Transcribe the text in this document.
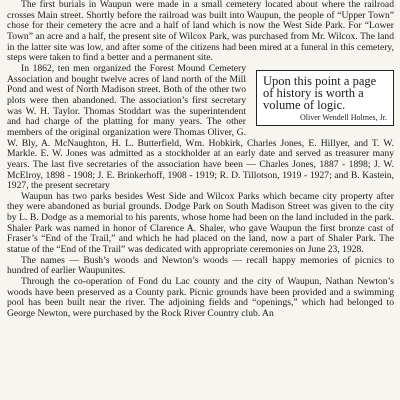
The first burials in Waupun were made in a small cemetery located about where the railroad crosses Main street. Shortly before the railroad was built into Waupun, the people of “Upper Town” chose for their cemetery the acre and a half of land which is now the West Side Park. For “Lower Town” an acre and a half, the present site of Wilcox Park, was purchased from Mr. Wilcox. The land in the latter site was low, and after some of the citizens had been mired at a funeral in this cemetery, steps were taken to find a better and a permanent site.

Upon this point a page of history is worth a volume of logic.

Oliver Wendell Holmes, Jr.

In 1862, ten men organized the Forest Mound Cemetery Association and bought twelve acres of land north of the Mill Pond and west of North Madison street. Both of the other two plots were then abandoned. The association’s first secretary was W. H. Taylor. Thomas Stoddart was the superintendent and had charge of the platting for many years. The other members of the original organization were Thomas Oliver, G. W. Bly, A. McNaughton, H. L. Butterfield, Wm. Hobkirk, Charles Jones, E. Hillyer, and T. W. Markle. E. W. Jones was admitted as a stockholder at an early date and served as treasurer many years. The last five secretaries of the association have been — Charles Jones, 1887 - 1898; J. W. McElroy, 1898 - 1908; J. E. Brinkerhoff, 1908 - 1919; R. D. Tillotson, 1919 - 1927; and B. Kastein, 1927, the present secretary

Waupun has two parks besides West Side and Wilcox Parks which became city property after they were abandoned as burial grounds. Dodge Park on South Madison Street was given to the city by L. B. Dodge as a memorial to his parents, whose home had been on the land included in the park. Shaler Park was named in honor of Clarence A. Shaler, who gave Waupun the first bronze cast of Fraser’s “End of the Trail,” and which he had placed on the land, now a part of Shaler Park. The statue of the “End of the Trail” was dedicated with appropriate ceremonies on June 23, 1928.

The names — Bush’s woods and Newton’s woods — recall happy memories of picnics to hundred of earlier Waupunites.

Through the co-operation of Fond du Lac county and the city of Waupun, Nathan Newton’s woods have been preserved as a County park. Picnic grounds have been provided and a swimming pool has been built near the river. The adjoining fields and “openings,” which had belonged to George Newton, were purchased by the Rock River Country club. An
